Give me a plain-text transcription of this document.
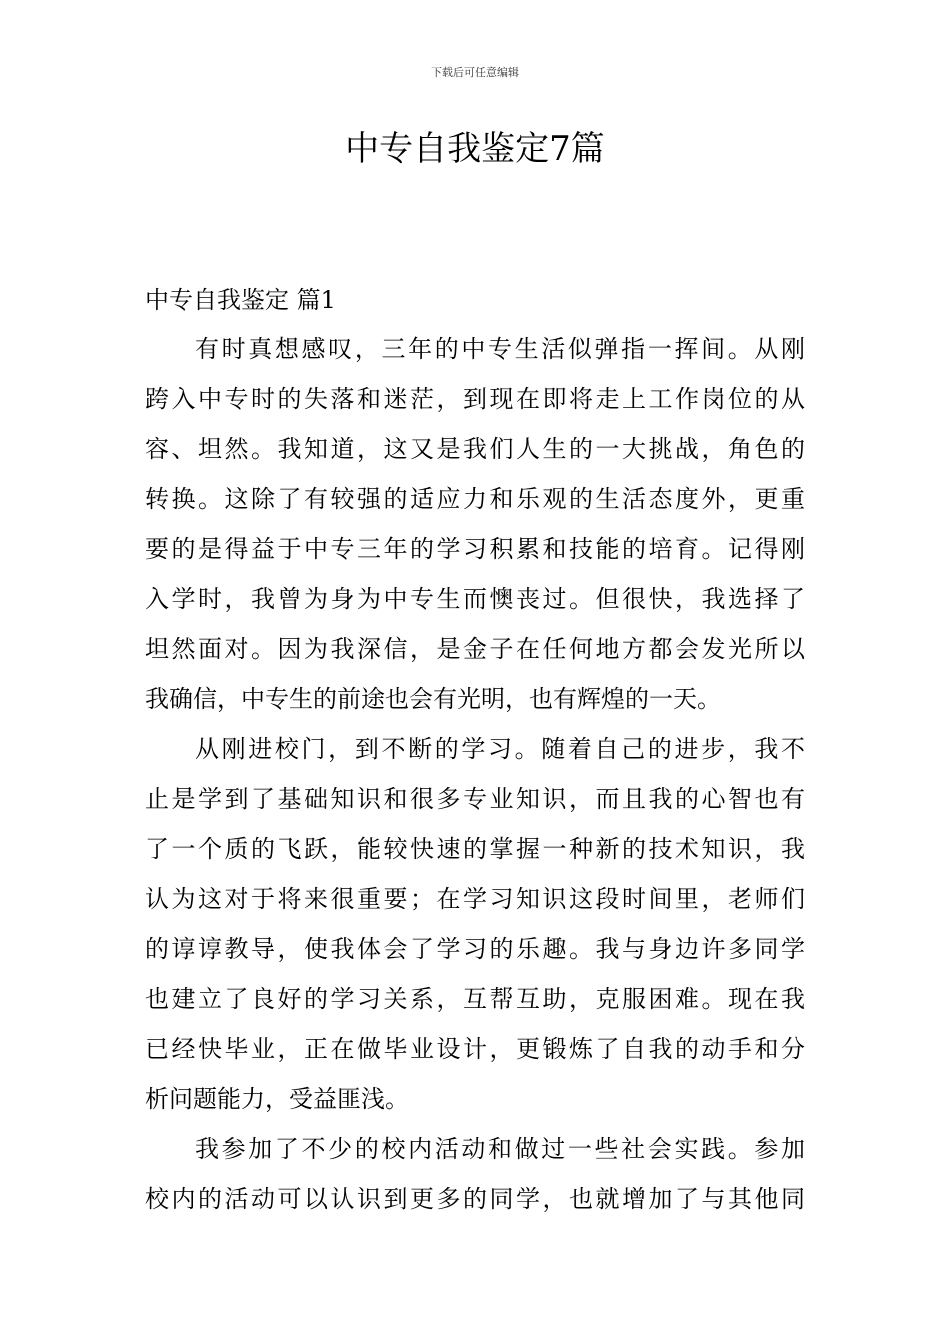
下载后可任意编辑
中专自我鉴定7篇
中专自我鉴定 篇1
有时真想感叹，三年的中专生活似弹指一挥间。从刚
跨入中专时的失落和迷茫，到现在即将走上工作岗位的从
容、坦然。我知道，这又是我们人生的一大挑战，角色的
转换。这除了有较强的适应力和乐观的生活态度外，更重
要的是得益于中专三年的学习积累和技能的培育。记得刚
入学时，我曾为身为中专生而懊丧过。但很快，我选择了
坦然面对。因为我深信，是金子在任何地方都会发光所以
我确信，中专生的前途也会有光明，也有辉煌的一天。
从刚进校门，到不断的学习。随着自己的进步，我不
止是学到了基础知识和很多专业知识，而且我的心智也有
了一个质的飞跃，能较快速的掌握一种新的技术知识，我
认为这对于将来很重要；在学习知识这段时间里，老师们
的谆谆教导，使我体会了学习的乐趣。我与身边许多同学
也建立了良好的学习关系，互帮互助，克服困难。现在我
已经快毕业，正在做毕业设计，更锻炼了自我的动手和分
析问题能力，受益匪浅。
我参加了不少的校内活动和做过一些社会实践。参加
校内的活动可以认识到更多的同学，也就增加了与其他同
